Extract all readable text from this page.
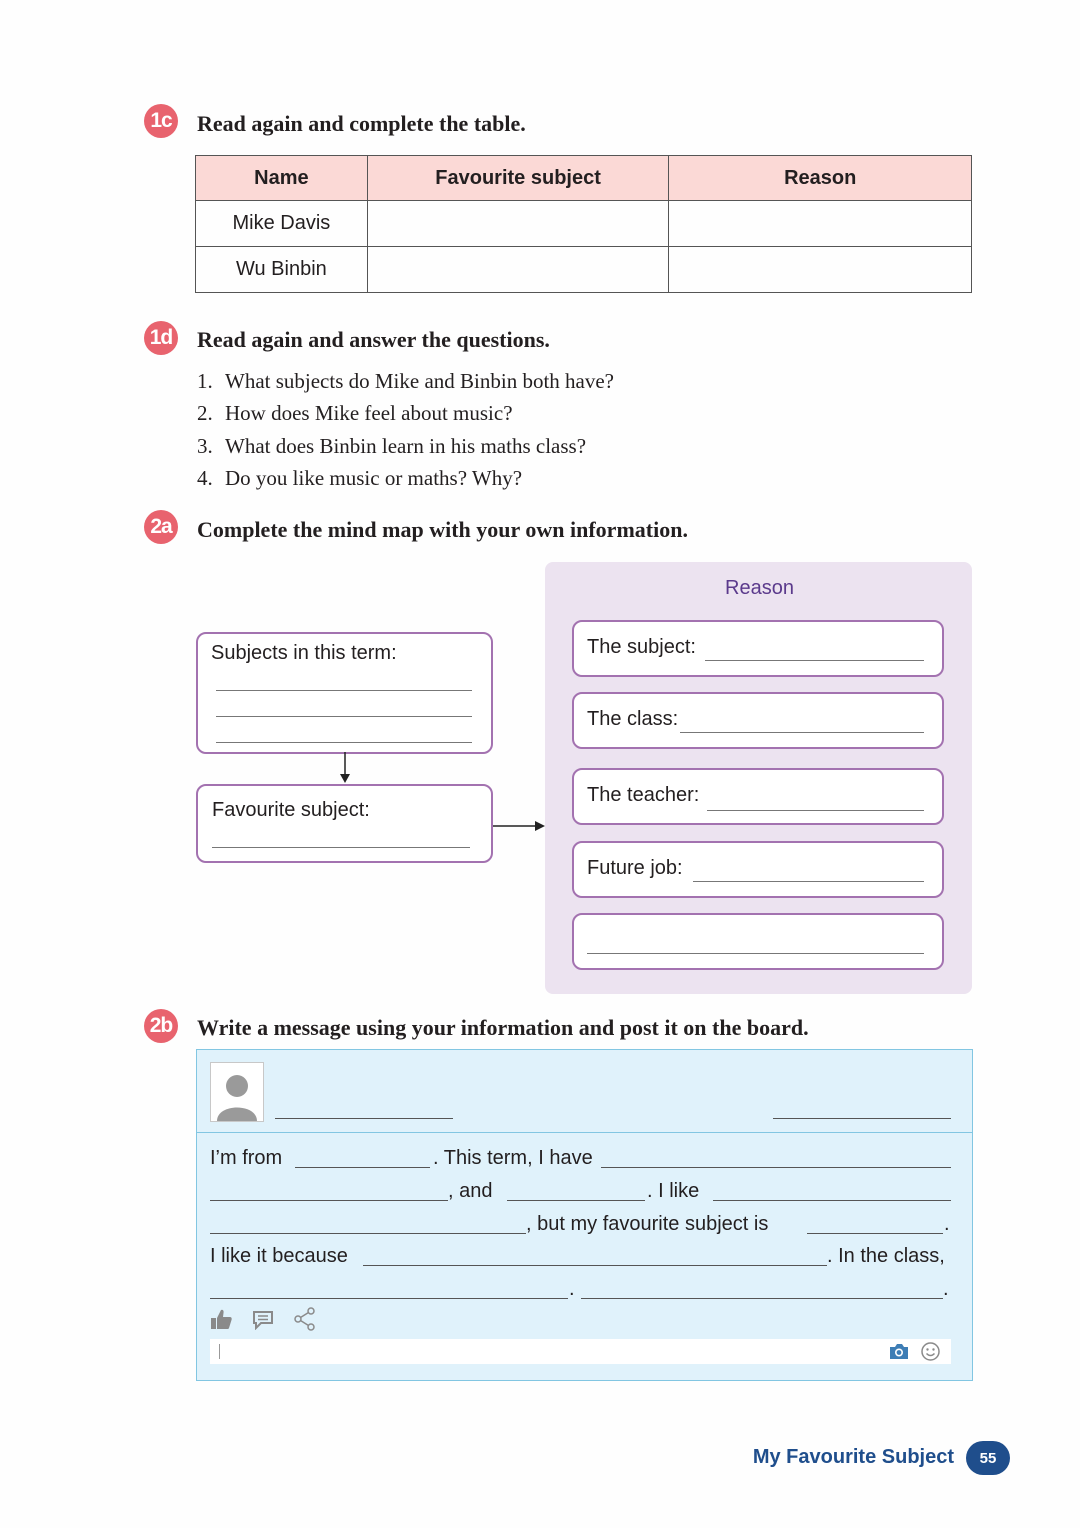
1c Read again and complete the table.
Name	Favourite subject	Reason
Mike Davis		
Wu Binbin		
1d Read again and answer the questions.
1. What subjects do Mike and Binbin both have?
2. How does Mike feel about music?
3. What does Binbin learn in his maths class?
4. Do you like music or maths? Why?
2a Complete the mind map with your own information.
Subjects in this term:
Favourite subject:
Reason
The subject:
The class:
The teacher:
Future job:
2b Write a message using your information and post it on the board.
I’m from	. This term, I have
, and	. I like
, but my favourite subject is	.
I like it because	. In the class,
.	.
My Favourite Subject	55
